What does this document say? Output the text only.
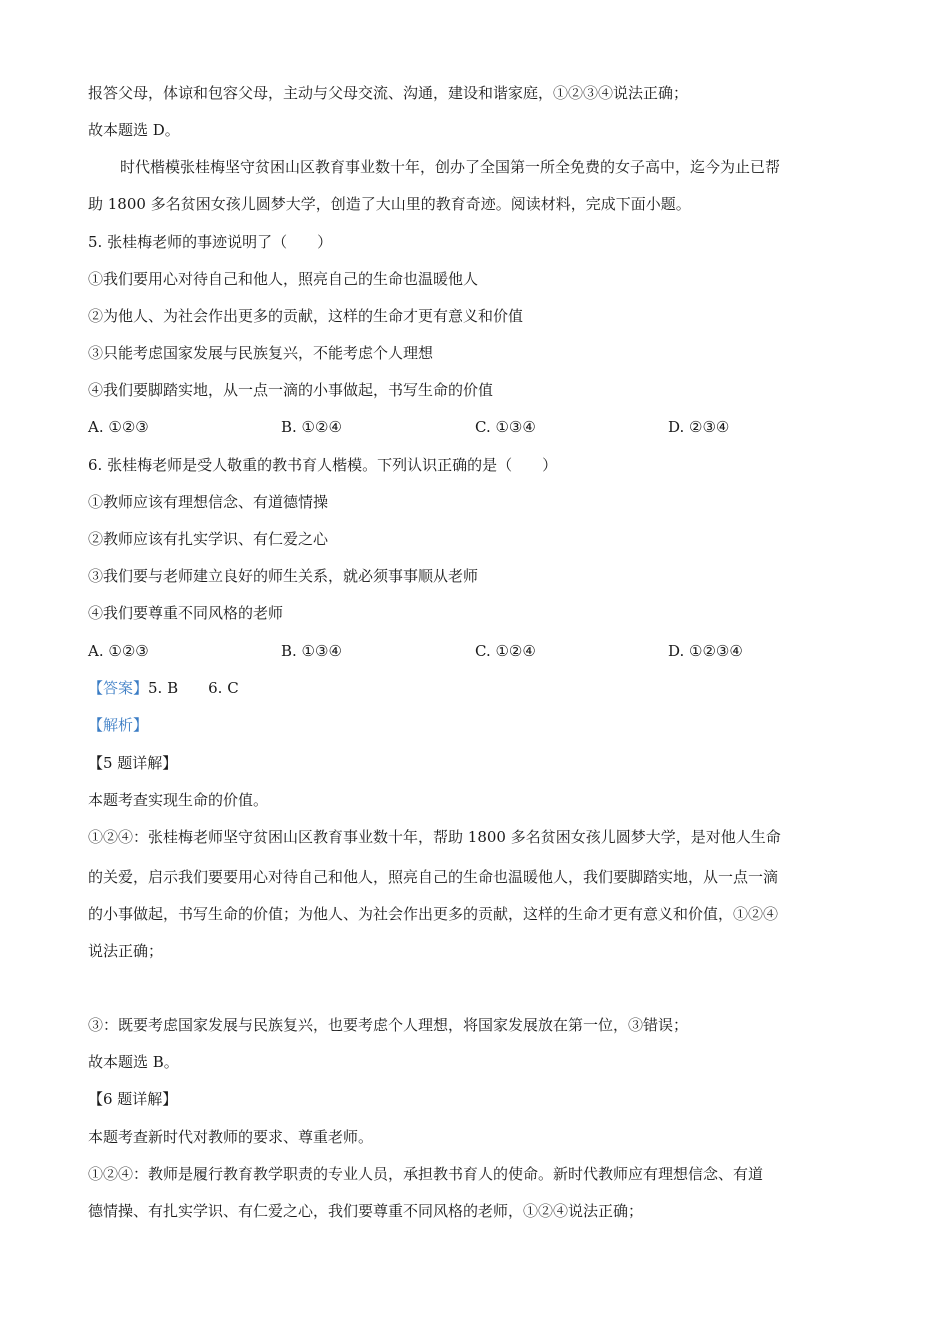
报答父母，体谅和包容父母，主动与父母交流、沟通，建设和谐家庭，①②③④说法正确；
故本题选 D。
时代楷模张桂梅坚守贫困山区教育事业数十年，创办了全国第一所全免费的女子高中，迄今为止已帮
助 1800 多名贫困女孩儿圆梦大学，创造了大山里的教育奇迹。阅读材料，完成下面小题。
5. 张桂梅老师的事迹说明了（　　）
①我们要用心对待自己和他人，照亮自己的生命也温暖他人
②为他人、为社会作出更多的贡献，这样的生命才更有意义和价值
③只能考虑国家发展与民族复兴，不能考虑个人理想
④我们要脚踏实地，从一点一滴的小事做起，书写生命的价值
A. ①②③	B. ①②④	C. ①③④	D. ②③④
6. 张桂梅老师是受人敬重的教书育人楷模。下列认识正确的是（　　）
①教师应该有理想信念、有道德情操
②教师应该有扎实学识、有仁爱之心
③我们要与老师建立良好的师生关系，就必须事事顺从老师
④我们要尊重不同风格的老师
A. ①②③	B. ①③④	C. ①②④	D. ①②③④
【答案】5. B　　6. C
【解析】
【5 题详解】
本题考查实现生命的价值。
①②④：张桂梅老师坚守贫困山区教育事业数十年，帮助 1800 多名贫困女孩儿圆梦大学，是对他人生命
的关爱，启示我们要要用心对待自己和他人，照亮自己的生命也温暖他人，我们要脚踏实地，从一点一滴
的小事做起，书写生命的价值；为他人、为社会作出更多的贡献，这样的生命才更有意义和价值，①②④
说法正确；
③：既要考虑国家发展与民族复兴，也要考虑个人理想，将国家发展放在第一位，③错误；
故本题选 B。
【6 题详解】
本题考查新时代对教师的要求、尊重老师。
①②④：教师是履行教育教学职责的专业人员，承担教书育人的使命。新时代教师应有理想信念、有道
德情操、有扎实学识、有仁爱之心，我们要尊重不同风格的老师，①②④说法正确；
